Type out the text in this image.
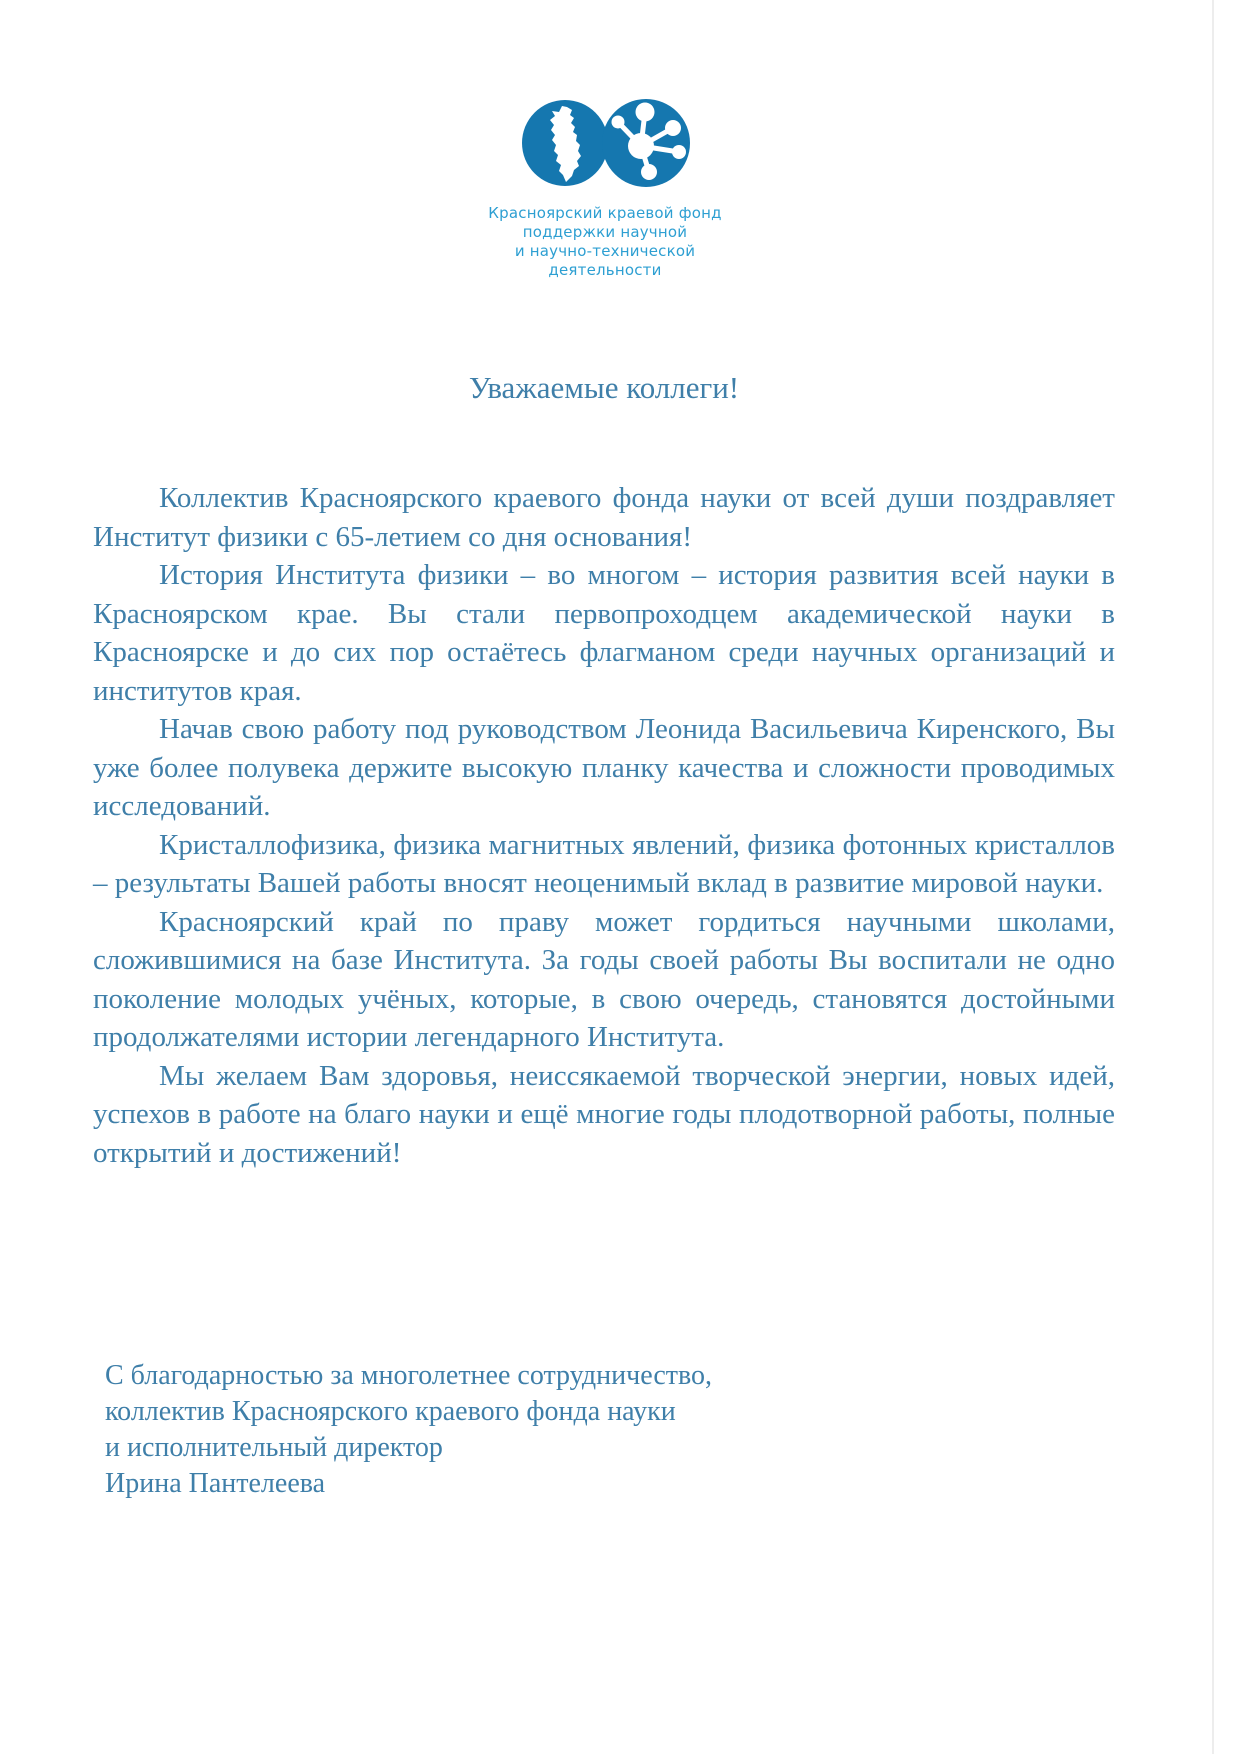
Красноярский краевой фонд
поддержки научной
и научно-технической
деятельности
Уважаемые коллеги!

Коллектив Красноярского краевого фонда науки от всей души поздравляет Институт физики с 65-летием со дня основания!

История Института физики – во многом – история развития всей науки в Красноярском крае. Вы стали первопроходцем академической науки в Красноярске и до сих пор остаётесь флагманом среди научных организаций и институтов края.

Начав свою работу под руководством Леонида Васильевича Киренского, Вы уже более полувека держите высокую планку качества и сложности проводимых исследований.

Кристаллофизика, физика магнитных явлений, физика фотонных кристаллов – результаты Вашей работы вносят неоценимый вклад в развитие мировой науки.

Красноярский край по праву может гордиться научными школами, сложившимися на базе Института. За годы своей работы Вы воспитали не одно поколение молодых учёных, которые, в свою очередь, становятся достойными продолжателями истории легендарного Института.

Мы желаем Вам здоровья, неиссякаемой творческой энергии, новых идей, успехов в работе на благо науки и ещё многие годы плодотворной работы, полные открытий и достижений!

С благодарностью за многолетнее сотрудничество,
коллектив Красноярского краевого фонда науки
и исполнительный директор
Ирина Пантелеева
